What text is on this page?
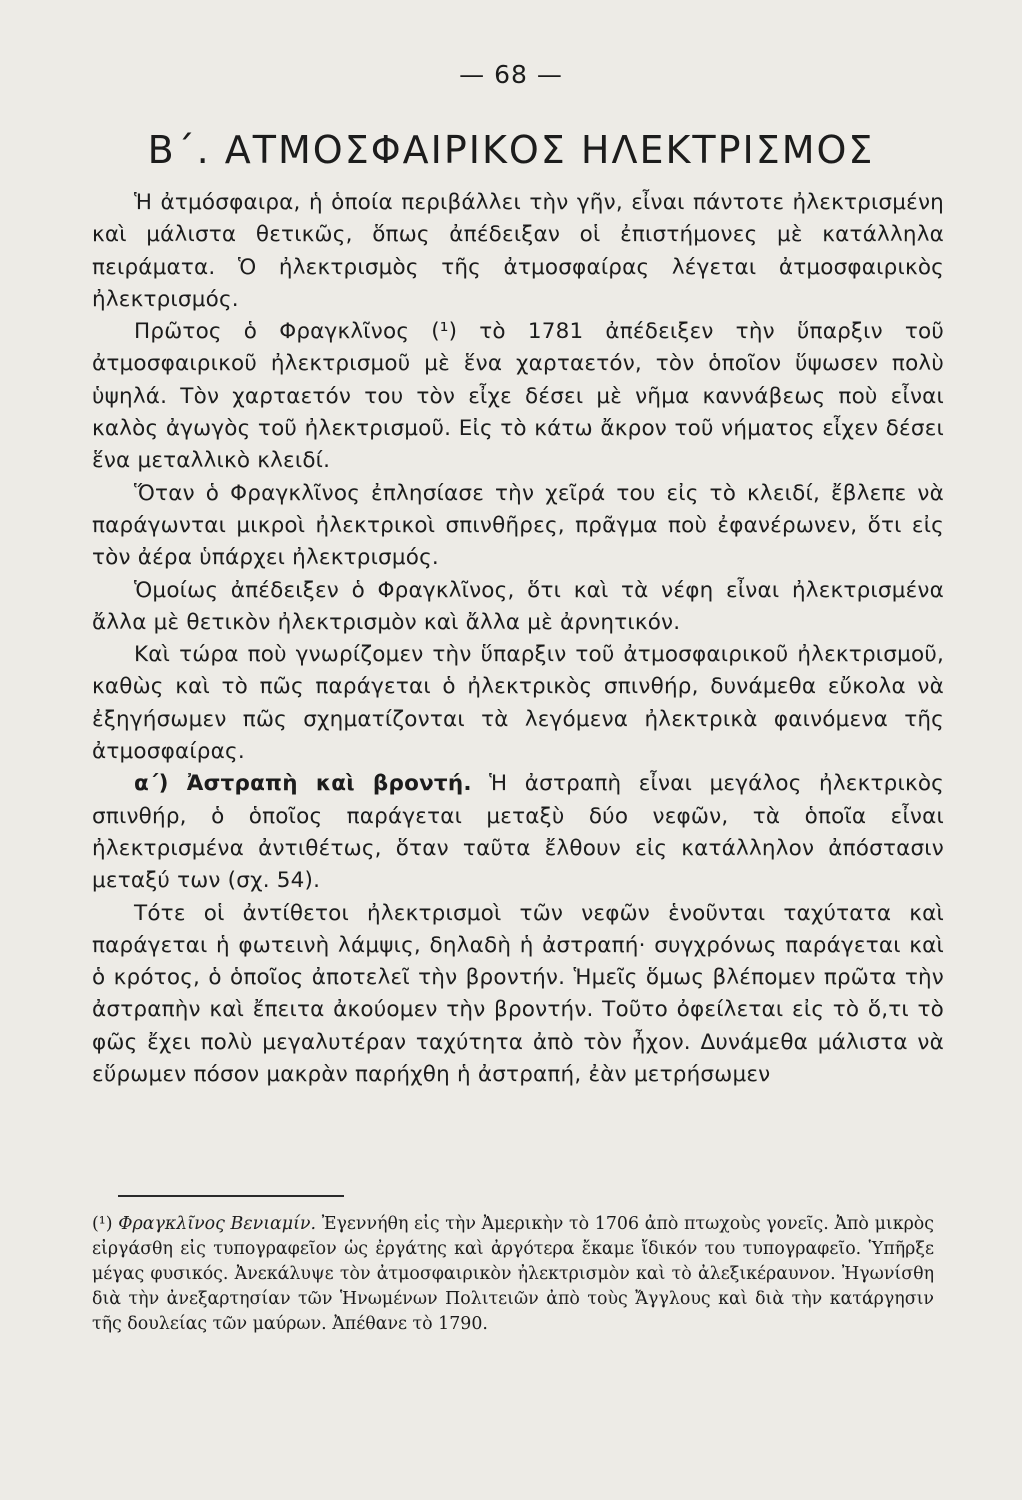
— 68 —
Β΄. ΑΤΜΟΣΦΑΙΡΙΚΟΣ ΗΛΕΚΤΡΙΣΜΟΣ

Ἡ ἀτμόσφαιρα, ἡ ὁποία περιβάλλει τὴν γῆν, εἶναι πάντοτε ἠλεκτρισμένη καὶ μάλιστα θετικῶς, ὅπως ἀπέδειξαν οἱ ἐπιστήμονες μὲ κατάλληλα πειράματα. Ὁ ἠλεκτρισμὸς τῆς ἀτμοσφαίρας λέγεται ἀτμοσφαιρικὸς ἠλεκτρισμός.

Πρῶτος ὁ Φραγκλῖνος (¹) τὸ 1781 ἀπέδειξεν τὴν ὕπαρξιν τοῦ ἀτμοσφαιρικοῦ ἠλεκτρισμοῦ μὲ ἕνα χαρταετόν, τὸν ὁποῖον ὕψωσεν πολὺ ὑψηλά. Τὸν χαρταετόν του τὸν εἶχε δέσει μὲ νῆμα καννάβεως ποὺ εἶναι καλὸς ἀγωγὸς τοῦ ἠλεκτρισμοῦ. Εἰς τὸ κάτω ἄκρον τοῦ νήματος εἶχεν δέσει ἕνα μεταλλικὸ κλειδί.

Ὅταν ὁ Φραγκλῖνος ἐπλησίασε τὴν χεῖρά του εἰς τὸ κλειδί, ἔβλεπε νὰ παράγωνται μικροὶ ἠλεκτρικοὶ σπινθῆρες, πρᾶγμα ποὺ ἐφανέρωνεν, ὅτι εἰς τὸν ἀέρα ὑπάρχει ἠλεκτρισμός.

Ὁμοίως ἀπέδειξεν ὁ Φραγκλῖνος, ὅτι καὶ τὰ νέφη εἶναι ἠλεκτρισμένα ἄλλα μὲ θετικὸν ἠλεκτρισμὸν καὶ ἄλλα μὲ ἀρνητικόν.

Καὶ τώρα ποὺ γνωρίζομεν τὴν ὕπαρξιν τοῦ ἀτμοσφαιρικοῦ ἠλεκτρισμοῦ, καθὼς καὶ τὸ πῶς παράγεται ὁ ἠλεκτρικὸς σπινθήρ, δυνάμεθα εὔκολα νὰ ἐξηγήσωμεν πῶς σχηματίζονται τὰ λεγόμενα ἠλεκτρικὰ φαινόμενα τῆς ἀτμοσφαίρας.

α΄) Ἀστραπὴ καὶ βροντή. Ἡ ἀστραπὴ εἶναι μεγάλος ἠλεκτρικὸς σπινθήρ, ὁ ὁποῖος παράγεται μεταξὺ δύο νεφῶν, τὰ ὁποῖα εἶναι ἠλεκτρισμένα ἀντιθέτως, ὅταν ταῦτα ἔλθουν εἰς κατάλληλον ἀπόστασιν μεταξύ των (σχ. 54).

Τότε οἱ ἀντίθετοι ἠλεκτρισμοὶ τῶν νεφῶν ἑνοῦνται ταχύτατα καὶ παράγεται ἡ φωτεινὴ λάμψις, δηλαδὴ ἡ ἀστραπή· συγχρόνως παράγεται καὶ ὁ κρότος, ὁ ὁποῖος ἀποτελεῖ τὴν βροντήν. Ἡμεῖς ὅμως βλέπομεν πρῶτα τὴν ἀστραπὴν καὶ ἔπειτα ἀκούομεν τὴν βροντήν. Τοῦτο ὀφείλεται εἰς τὸ ὅ,τι τὸ φῶς ἔχει πολὺ μεγαλυτέραν ταχύτητα ἀπὸ τὸν ἦχον. Δυνάμεθα μάλιστα νὰ εὕρωμεν πόσον μακρὰν παρήχθη ἡ ἀστραπή, ἐὰν μετρήσωμεν

(¹) Φραγκλῖνος Βενιαμίν. Ἐγεννήθη εἰς τὴν Ἀμερικὴν τὸ 1706 ἀπὸ πτωχοὺς γονεῖς. Ἀπὸ μικρὸς εἰργάσθη εἰς τυπογραφεῖον ὡς ἐργάτης καὶ ἀργότερα ἔκαμε ἴδικόν του τυπογραφεῖο. Ὑπῆρξε μέγας φυσικός. Ἀνεκάλυψε τὸν ἀτμοσφαιρικὸν ἠλεκτρισμὸν καὶ τὸ ἀλεξικέραυνον. Ἠγωνίσθη διὰ τὴν ἀνεξαρτησίαν τῶν Ἡνωμένων Πολιτειῶν ἀπὸ τοὺς Ἄγγλους καὶ διὰ τὴν κατάργησιν τῆς δουλείας τῶν μαύρων. Ἀπέθανε τὸ 1790.
